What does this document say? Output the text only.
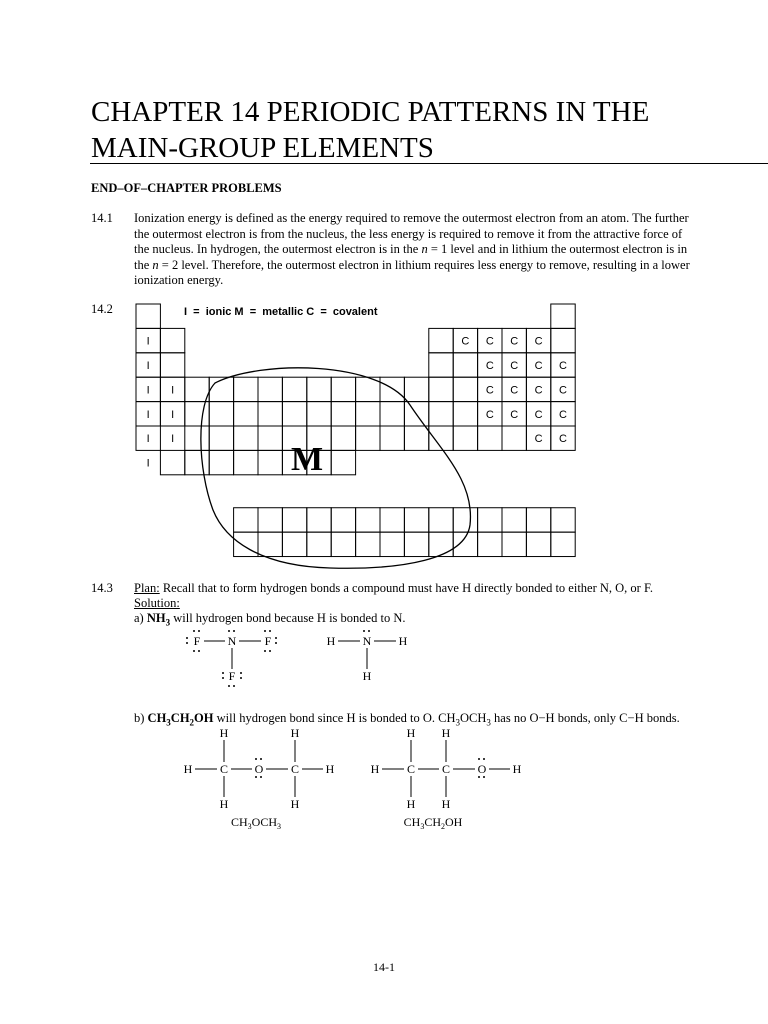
CHAPTER 14 PERIODIC PATTERNS IN THE
MAIN-GROUP ELEMENTS
END–OF–CHAPTER PROBLEMS
14.1 Ionization energy is defined as the energy required to remove the outermost electron from an atom. The further the outermost electron is from the nucleus, the less energy is required to remove it from the attractive force of the nucleus. In hydrogen, the outermost electron is in the n = 1 level and in lithium the outermost electron is in the n = 2 level. Therefore, the outermost electron in lithium requires less energy to remove, resulting in a lower ionization energy.
14.2
I
I
I
I
I
I
I
I
I
C C C C
C C C C
C C C C
C C C C
C C
I  =  ionic M  =  metallic C  =  covalent
M
14.3 Plan: Recall that to form hydrogen bonds a compound must have H directly bonded to either N, O, or F.
Solution:
a) $NH_3$ will hydrogen bond because H is bonded to N.
b) $CH_3CH_2OH$ will hydrogen bond since H is bonded to O. $CH_3OCH_3$ has no O−H bonds, only C−H bonds.
F N F
F
H N H
H
H	H
H C O C H
H	H
$CH_3OCH_3$
H H
H C C O H
H H
$CH_3CH_2OH$
14-1
